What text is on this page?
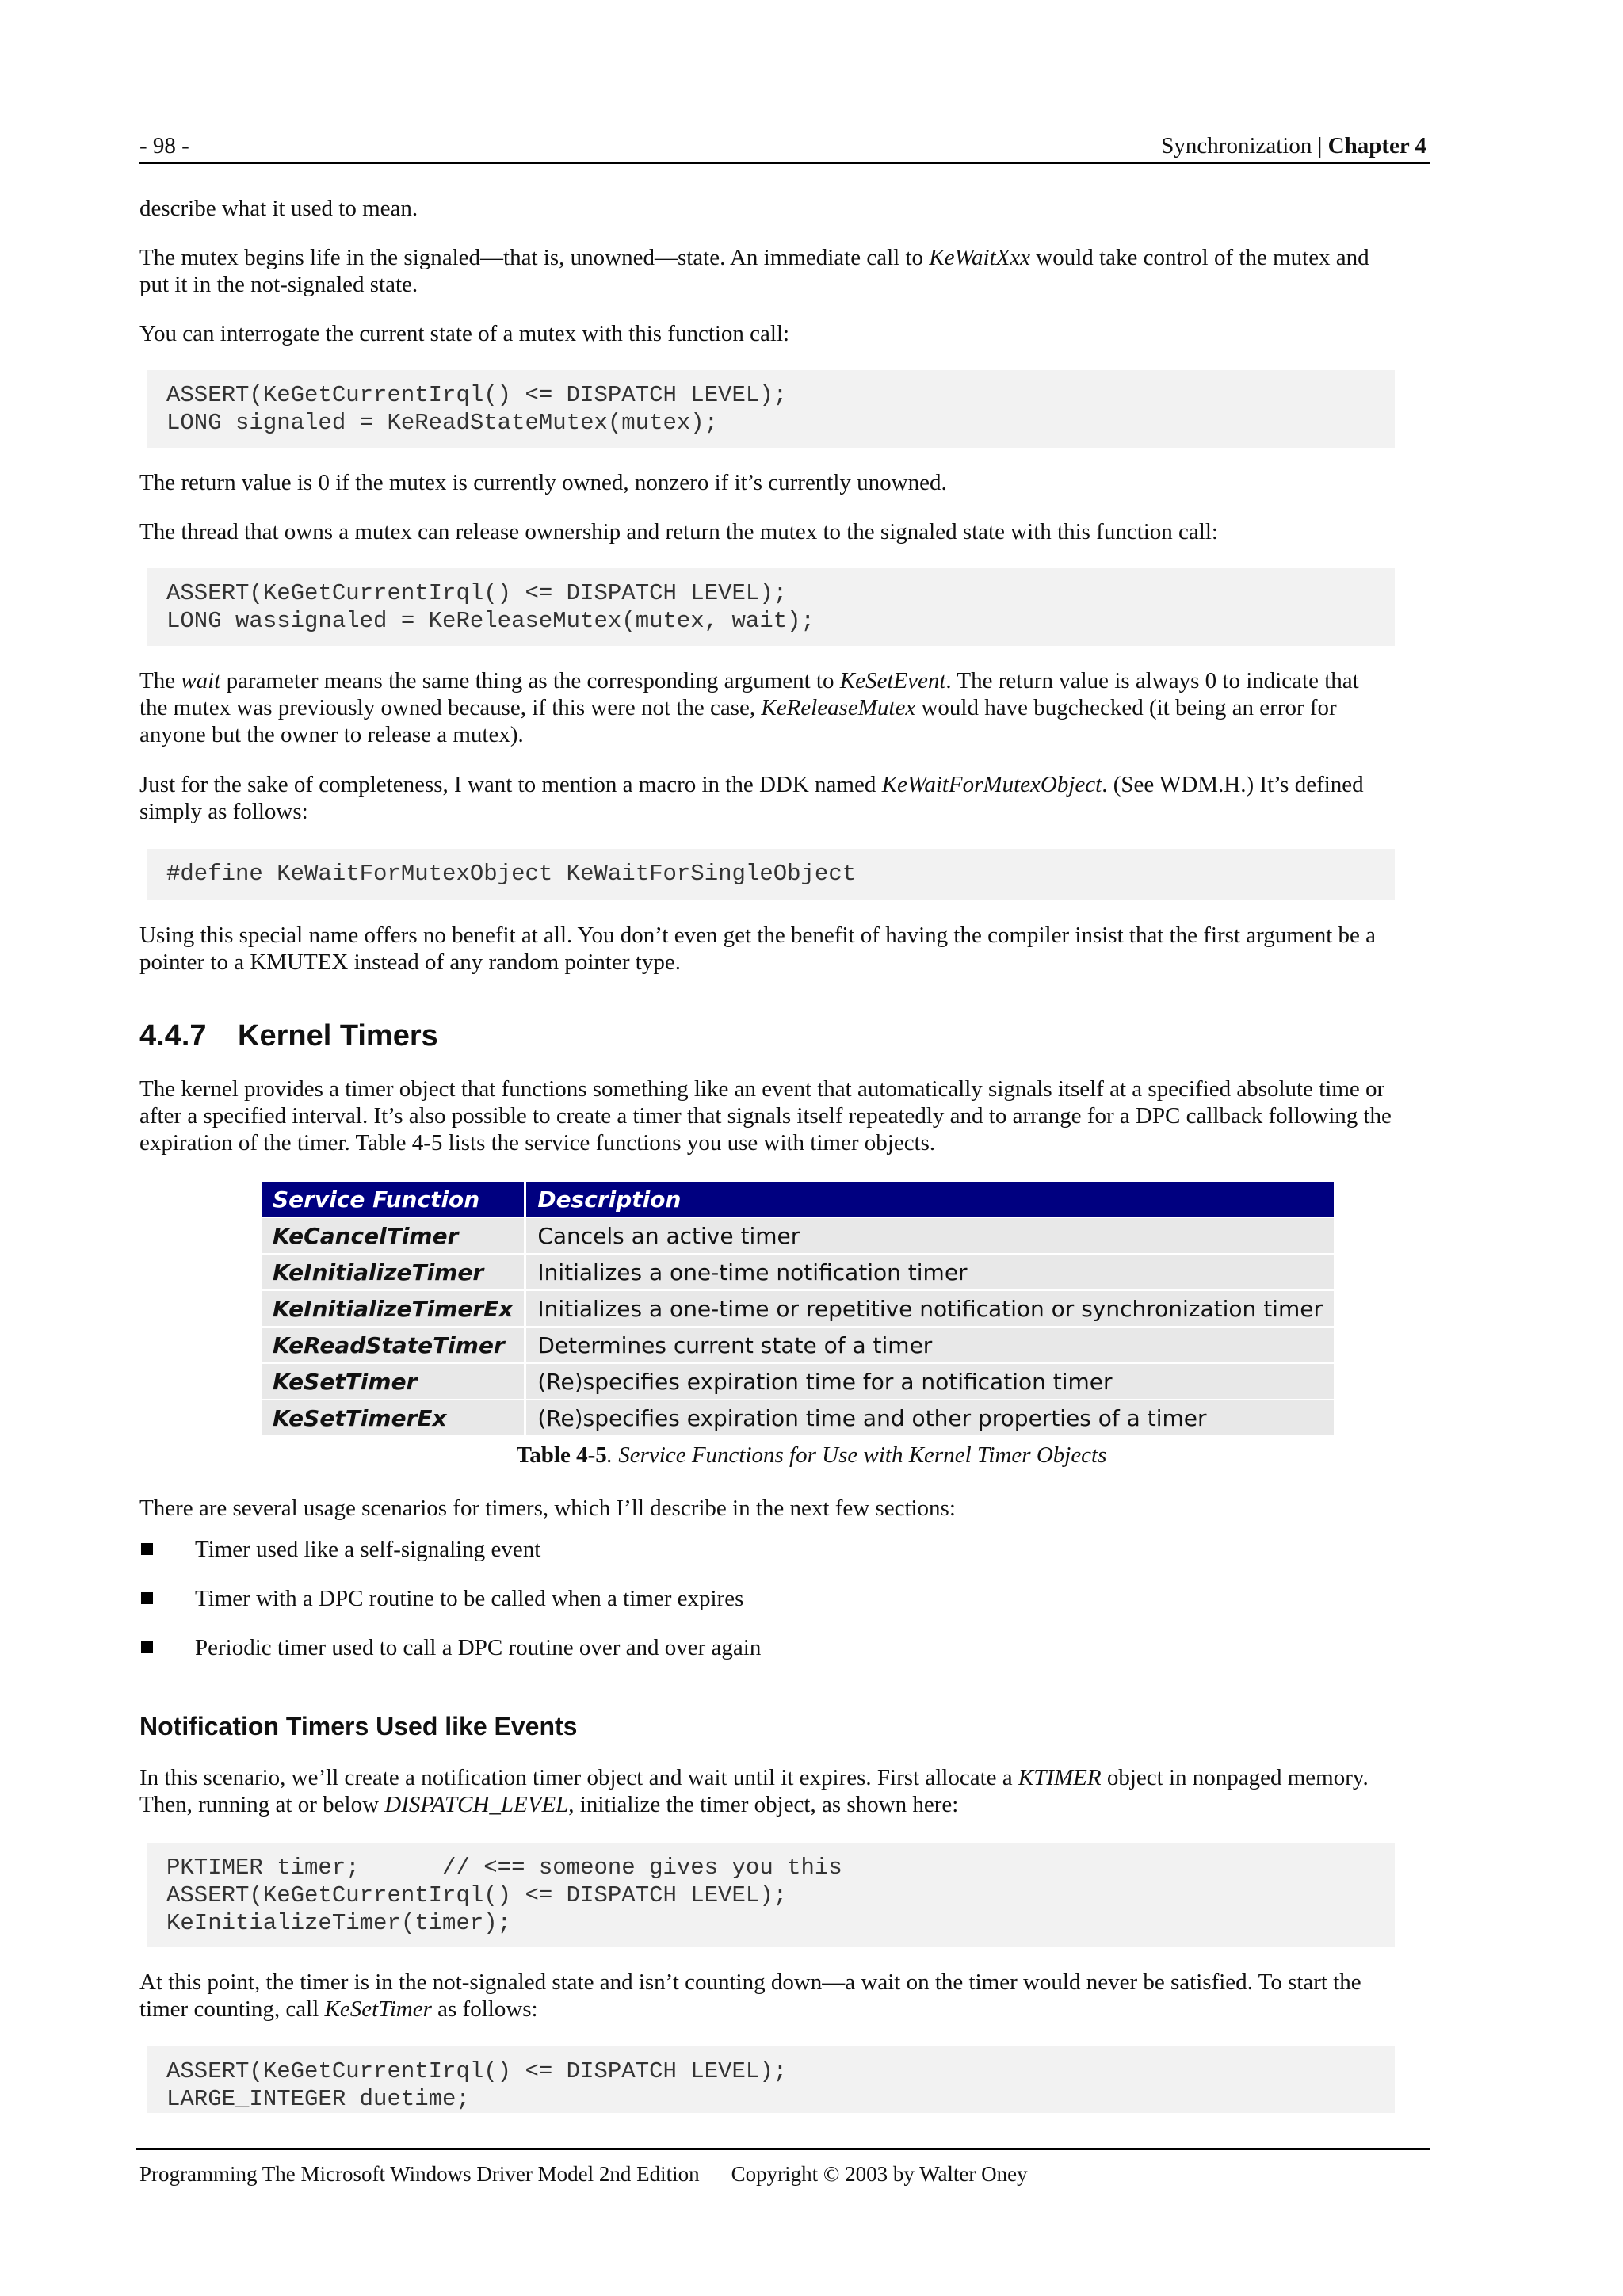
- 98 -	Synchronization | Chapter 4

describe what it used to mean.

The mutex begins life in the signaled—that is, unowned—state. An immediate call to KeWaitXxx would take control of the mutex and put it in the not-signaled state.

You can interrogate the current state of a mutex with this function call:

ASSERT(KeGetCurrentIrql() <= DISPATCH LEVEL);
LONG signaled = KeReadStateMutex(mutex);

The return value is 0 if the mutex is currently owned, nonzero if it’s currently unowned.

The thread that owns a mutex can release ownership and return the mutex to the signaled state with this function call:

ASSERT(KeGetCurrentIrql() <= DISPATCH LEVEL);
LONG wassignaled = KeReleaseMutex(mutex, wait);

The wait parameter means the same thing as the corresponding argument to KeSetEvent. The return value is always 0 to indicate that the mutex was previously owned because, if this were not the case, KeReleaseMutex would have bugchecked (it being an error for anyone but the owner to release a mutex).

Just for the sake of completeness, I want to mention a macro in the DDK named KeWaitForMutexObject. (See WDM.H.) It’s defined simply as follows:

#define KeWaitForMutexObject KeWaitForSingleObject

Using this special name offers no benefit at all. You don’t even get the benefit of having the compiler insist that the first argument be a pointer to a KMUTEX instead of any random pointer type.

4.4.7 Kernel Timers

The kernel provides a timer object that functions something like an event that automatically signals itself at a specified absolute time or after a specified interval. It’s also possible to create a timer that signals itself repeatedly and to arrange for a DPC callback following the expiration of the timer. Table 4-5 lists the service functions you use with timer objects.

Service Function	Description
KeCancelTimer	Cancels an active timer
KeInitializeTimer	Initializes a one-time notification timer
KeInitializeTimerEx	Initializes a one-time or repetitive notification or synchronization timer
KeReadStateTimer	Determines current state of a timer
KeSetTimer	(Re)specifies expiration time for a notification timer
KeSetTimerEx	(Re)specifies expiration time and other properties of a timer
Table 4-5. Service Functions for Use with Kernel Timer Objects

There are several usage scenarios for timers, which I’ll describe in the next few sections:

Timer used like a self-signaling event
Timer with a DPC routine to be called when a timer expires
Periodic timer used to call a DPC routine over and over again
Notification Timers Used like Events

In this scenario, we’ll create a notification timer object and wait until it expires. First allocate a KTIMER object in nonpaged memory. Then, running at or below DISPATCH_LEVEL, initialize the timer object, as shown here:

PKTIMER timer;      // <== someone gives you this
ASSERT(KeGetCurrentIrql() <= DISPATCH LEVEL);
KeInitializeTimer(timer);

At this point, the timer is in the not-signaled state and isn’t counting down—a wait on the timer would never be satisfied. To start the timer counting, call KeSetTimer as follows:

ASSERT(KeGetCurrentIrql() <= DISPATCH LEVEL);
LARGE_INTEGER duetime;
Programming The Microsoft Windows Driver Model 2nd Edition Copyright © 2003 by Walter Oney
